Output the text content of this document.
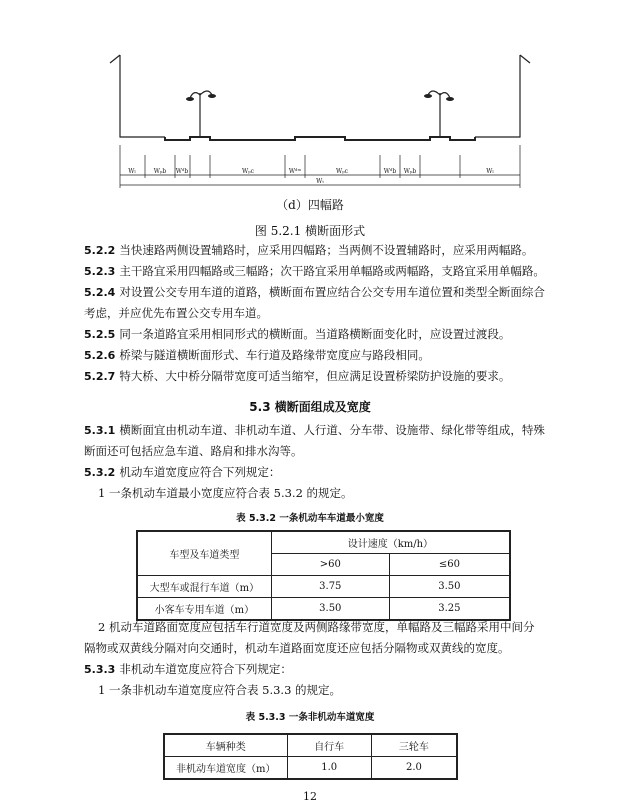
Wₗ	Wₚb Wᵈb	Wₚc	Wᵈᵐ	Wₚc	Wᵈb Wₚb	Wₗ
Wₜ
（d）四幅路
图 5.2.1 横断面形式
5.2.2 当快速路两侧设置辅路时，应采用四幅路；当两侧不设置辅路时，应采用两幅路。
5.2.3 主干路宜采用四幅路或三幅路；次干路宜采用单幅路或两幅路，支路宜采用单幅路。
5.2.4 对设置公交专用车道的道路，横断面布置应结合公交专用车道位置和类型全断面综合
考虑，并应优先布置公交专用车道。
5.2.5 同一条道路宜采用相同形式的横断面。当道路横断面变化时，应设置过渡段。
5.2.6 桥梁与隧道横断面形式、车行道及路缘带宽度应与路段相同。
5.2.7 特大桥、大中桥分隔带宽度可适当缩窄，但应满足设置桥梁防护设施的要求。
5.3 横断面组成及宽度
5.3.1 横断面宜由机动车道、非机动车道、人行道、分车带、设施带、绿化带等组成，特殊
断面还可包括应急车道、路肩和排水沟等。
5.3.2 机动车道宽度应符合下列规定：
1 一条机动车道最小宽度应符合表 5.3.2 的规定。
表 5.3.2 一条机动车车道最小宽度
车型及车道类型	设计速度（km/h）	
	>60	≤60
大型车或混行车道（m）	3.75	3.50
小客车专用车道（m）	3.50	3.25
2 机动车道路面宽度应包括车行道宽度及两侧路缘带宽度，单幅路及三幅路采用中间分
隔物或双黄线分隔对向交通时，机动车道路面宽度还应包括分隔物或双黄线的宽度。
5.3.3 非机动车道宽度应符合下列规定：
1 一条非机动车道宽度应符合表 5.3.3 的规定。
表 5.3.3 一条非机动车道宽度
车辆种类	自行车	三轮车
非机动车道宽度（m）	1.0	2.0
12
